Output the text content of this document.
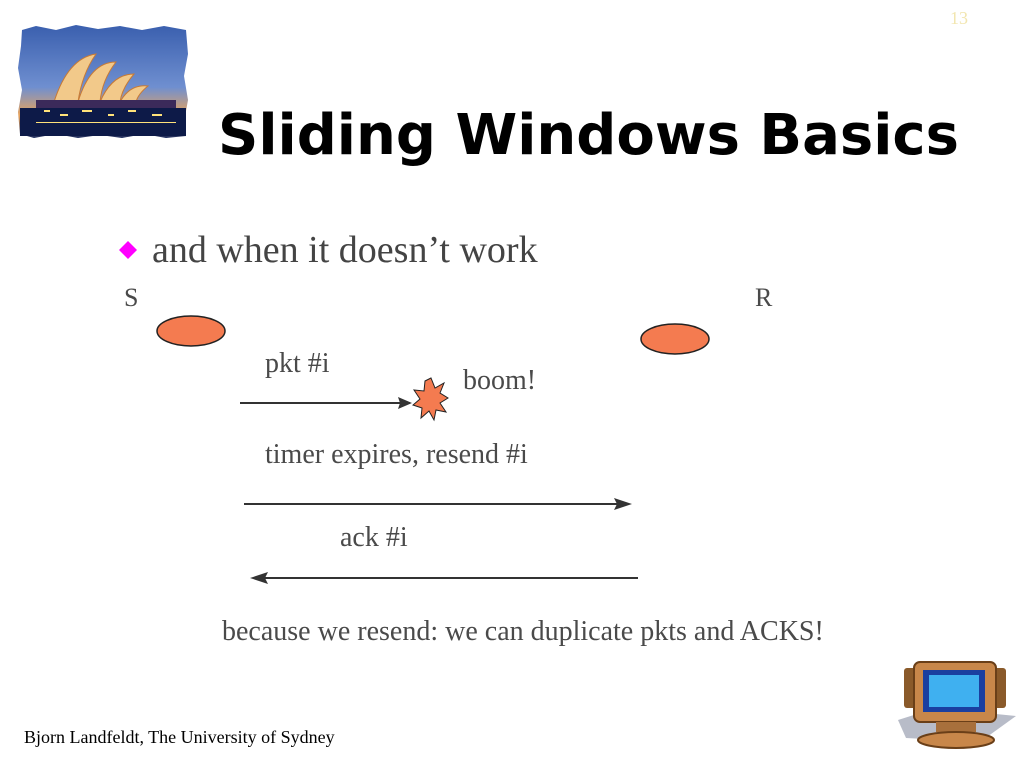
13
Sliding Windows Basics
and when it doesn’t work
S	R
pkt #i
boom!
timer expires, resend #i
ack #i
because we resend: we can duplicate pkts and ACKS!
Bjorn Landfeldt, The University of Sydney
